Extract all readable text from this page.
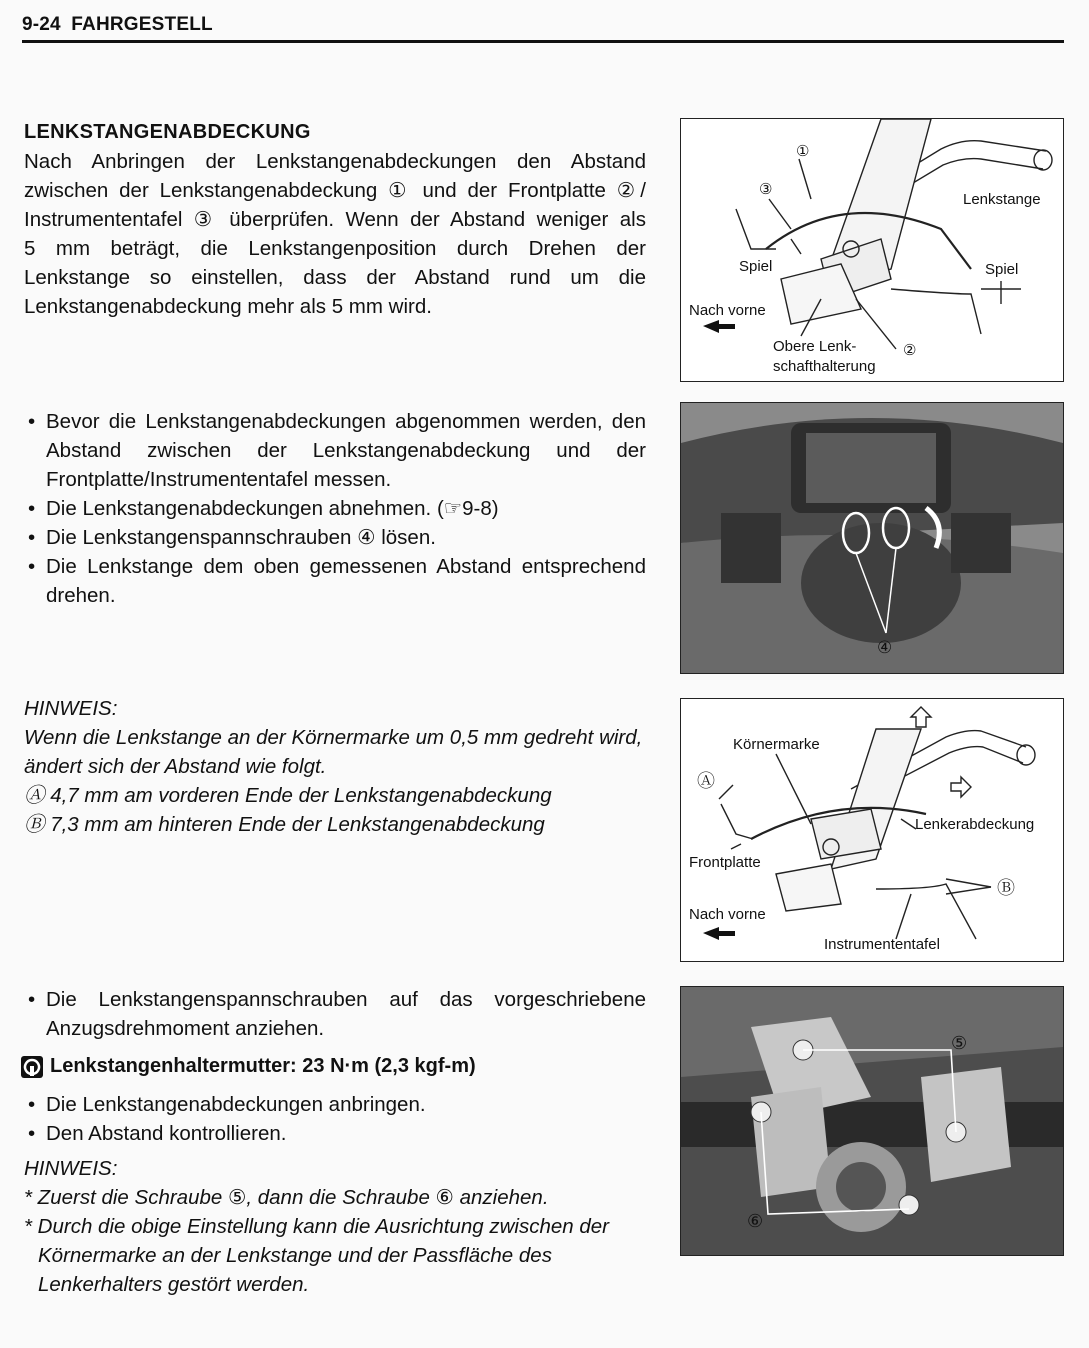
9-24 FAHRGESTELL
LENKSTANGENABDECKUNG
Nach Anbringen der Lenkstangenabdeckungen den Abstand
zwischen der Lenkstangenabdeckung ① und der Frontplatte ②/
Instrumententafel ③ überprüfen. Wenn der Abstand weniger als
5 mm beträgt, die Lenkstangenposition durch Drehen der
Lenkstange so einstellen, dass der Abstand rund um die
Lenkstangenabdeckung mehr als 5 mm wird.
• Bevor die Lenkstangenabdeckungen abgenommen werden, den Abstand zwischen der Lenkstangenabdeckung und der Frontplatte/Instrumententafel messen.
• Die Lenkstangenabdeckungen abnehmen. (☞9-8)
• Die Lenkstangenspannschrauben ④ lösen.
• Die Lenkstange dem oben gemessenen Abstand entsprechend drehen.
HINWEIS:
Wenn die Lenkstange an der Körnermarke um 0,5 mm gedreht wird, ändert sich der Abstand wie folgt.
Ⓐ 4,7 mm am vorderen Ende der Lenkstangenabdeckung
Ⓑ 7,3 mm am hinteren Ende der Lenkstangenabdeckung
• Die Lenkstangenspannschrauben auf das vorgeschriebene Anzugsdrehmoment anziehen.
Lenkstangenhaltermutter: 23 N·m (2,3 kgf-m)
• Die Lenkstangenabdeckungen anbringen.
• Den Abstand kontrollieren.
HINWEIS:
* Zuerst die Schraube ⑤, dann die Schraube ⑥ anziehen.
* Durch die obige Einstellung kann die Ausrichtung zwischen der Körnermarke an der Lenkstange und der Passfläche des Lenkerhalters gestört werden.
①
③
②
Lenkstange
Spiel	Spiel
Nach vorne
Obere Lenk-
schafthalterung
④
Körnermarke
Ⓐ
Lenkerabdeckung
Frontplatte
Ⓑ
Nach vorne
Instrumententafel
⑤
⑥
